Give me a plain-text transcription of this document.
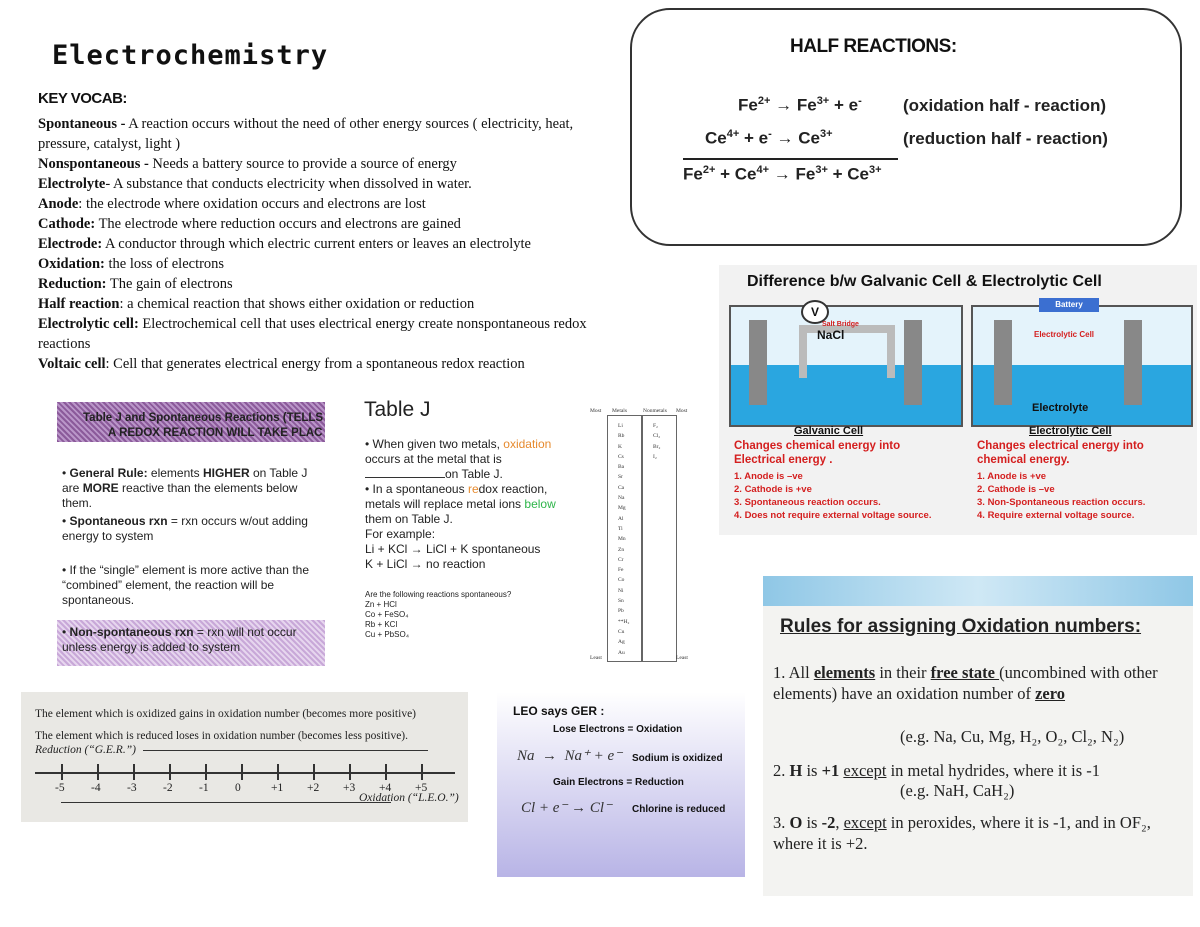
Electrochemistry
KEY VOCAB:
Spontaneous - A reaction occurs without the need of other energy sources ( electricity, heat, pressure, catalyst, light )
Nonspontaneous - Needs a battery source to provide a source of energy
Electrolyte- A substance that conducts electricity when dissolved in water.
Anode: the electrode where oxidation occurs and electrons are lost
Cathode: The electrode where reduction occurs and electrons are gained
Electrode: A conductor through which electric current enters or leaves an electrolyte
Oxidation: the loss of electrons
Reduction: The gain of electrons
Half reaction: a chemical reaction that shows either oxidation or reduction
Electrolytic cell: Electrochemical cell that uses electrical energy create nonspontaneous redox reactions
Voltaic cell: Cell that generates electrical energy from a spontaneous redox reaction
HALF REACTIONS:
$Fe^{2+} \to Fe^{3+} + e^-$ (oxidation half - reaction)
$Ce^{4+} + e^- \to Ce^{3+}$	(reduction half - reaction)
$Fe^{2+} + Ce^{4+} \to Fe^{3+} + Ce^{3+}$
Difference b/w Galvanic Cell & Electrolytic Cell
V
Salt Bridge
NaCl
Battery
Electrolytic Cell
Electrolyte
Galvanic Cell
Changes chemical energy into Electrical energy .
1. Anode is –ve
2. Cathode is +ve
3. Spontaneous reaction occurs.
4. Does not require external voltage source.
Electrolytic Cell
Changes electrical energy into chemical energy.
1. Anode is +ve
2. Cathode is –ve
3. Non-Spontaneous reaction occurs.
4. Require external voltage source.
Table J and Spontaneous Reactions (TELLS
A REDOX REACTION WILL TAKE PLAC
• General Rule: elements HIGHER on Table J are MORE reactive than the elements below them.
• Spontaneous rxn = rxn occurs w/out adding energy to system
• If the “single” element is more active than the “combined” element, the reaction will be spontaneous.
• Non-spontaneous rxn = rxn will not occur unless energy is added to system
Table J
• When given two metals, oxidation
occurs at the metal that is
on Table J.
• In a spontaneous redox reaction,
metals will replace metal ions below
them on Table J.
For example:
Li + KCl → LiCl + K spontaneous
K + LiCl → no reaction
Are the following reactions spontaneous?
Zn + HCl
Co + FeSO₄
Rb + KCl
Cu + PbSO₄
Most Metals	Nonmetals Most
Least	Least
Li
Rb
K
Cs
Ba
Sr
Ca
Na
Mg
Al
Ti
Mn
Zn
Cr
Fe
Co
Ni
Sn
Pb
**H₂
Cu
Ag
Au
F₂
Cl₂
Br₂
I₂
The element which is oxidized gains in oxidation number (becomes more positive)
The element which is reduced loses in oxidation number (becomes less positive).
Reduction (“G.E.R.”)
-5 -4 -3 -2 -1 0	+1 +2 +3 +4 +5
Oxidation (“L.E.O.”)
LEO says GER :
Lose Electrons = Oxidation
Na  →  Na⁺ + e⁻ Sodium is oxidized
Gain Electrons = Reduction
Cl + e⁻ → Cl⁻ Chlorine is reduced
Rules for assigning Oxidation numbers:
1. All elements in their free state (uncombined with other elements) have an oxidation number of zero
(e.g. Na, Cu, Mg, H₂, O₂, Cl₂, N₂)
2. H is +1 except in metal hydrides, where it is -1
(e.g. NaH, CaH₂)
3. O is -2, except in peroxides, where it is -1, and in OF₂, where it is +2.
